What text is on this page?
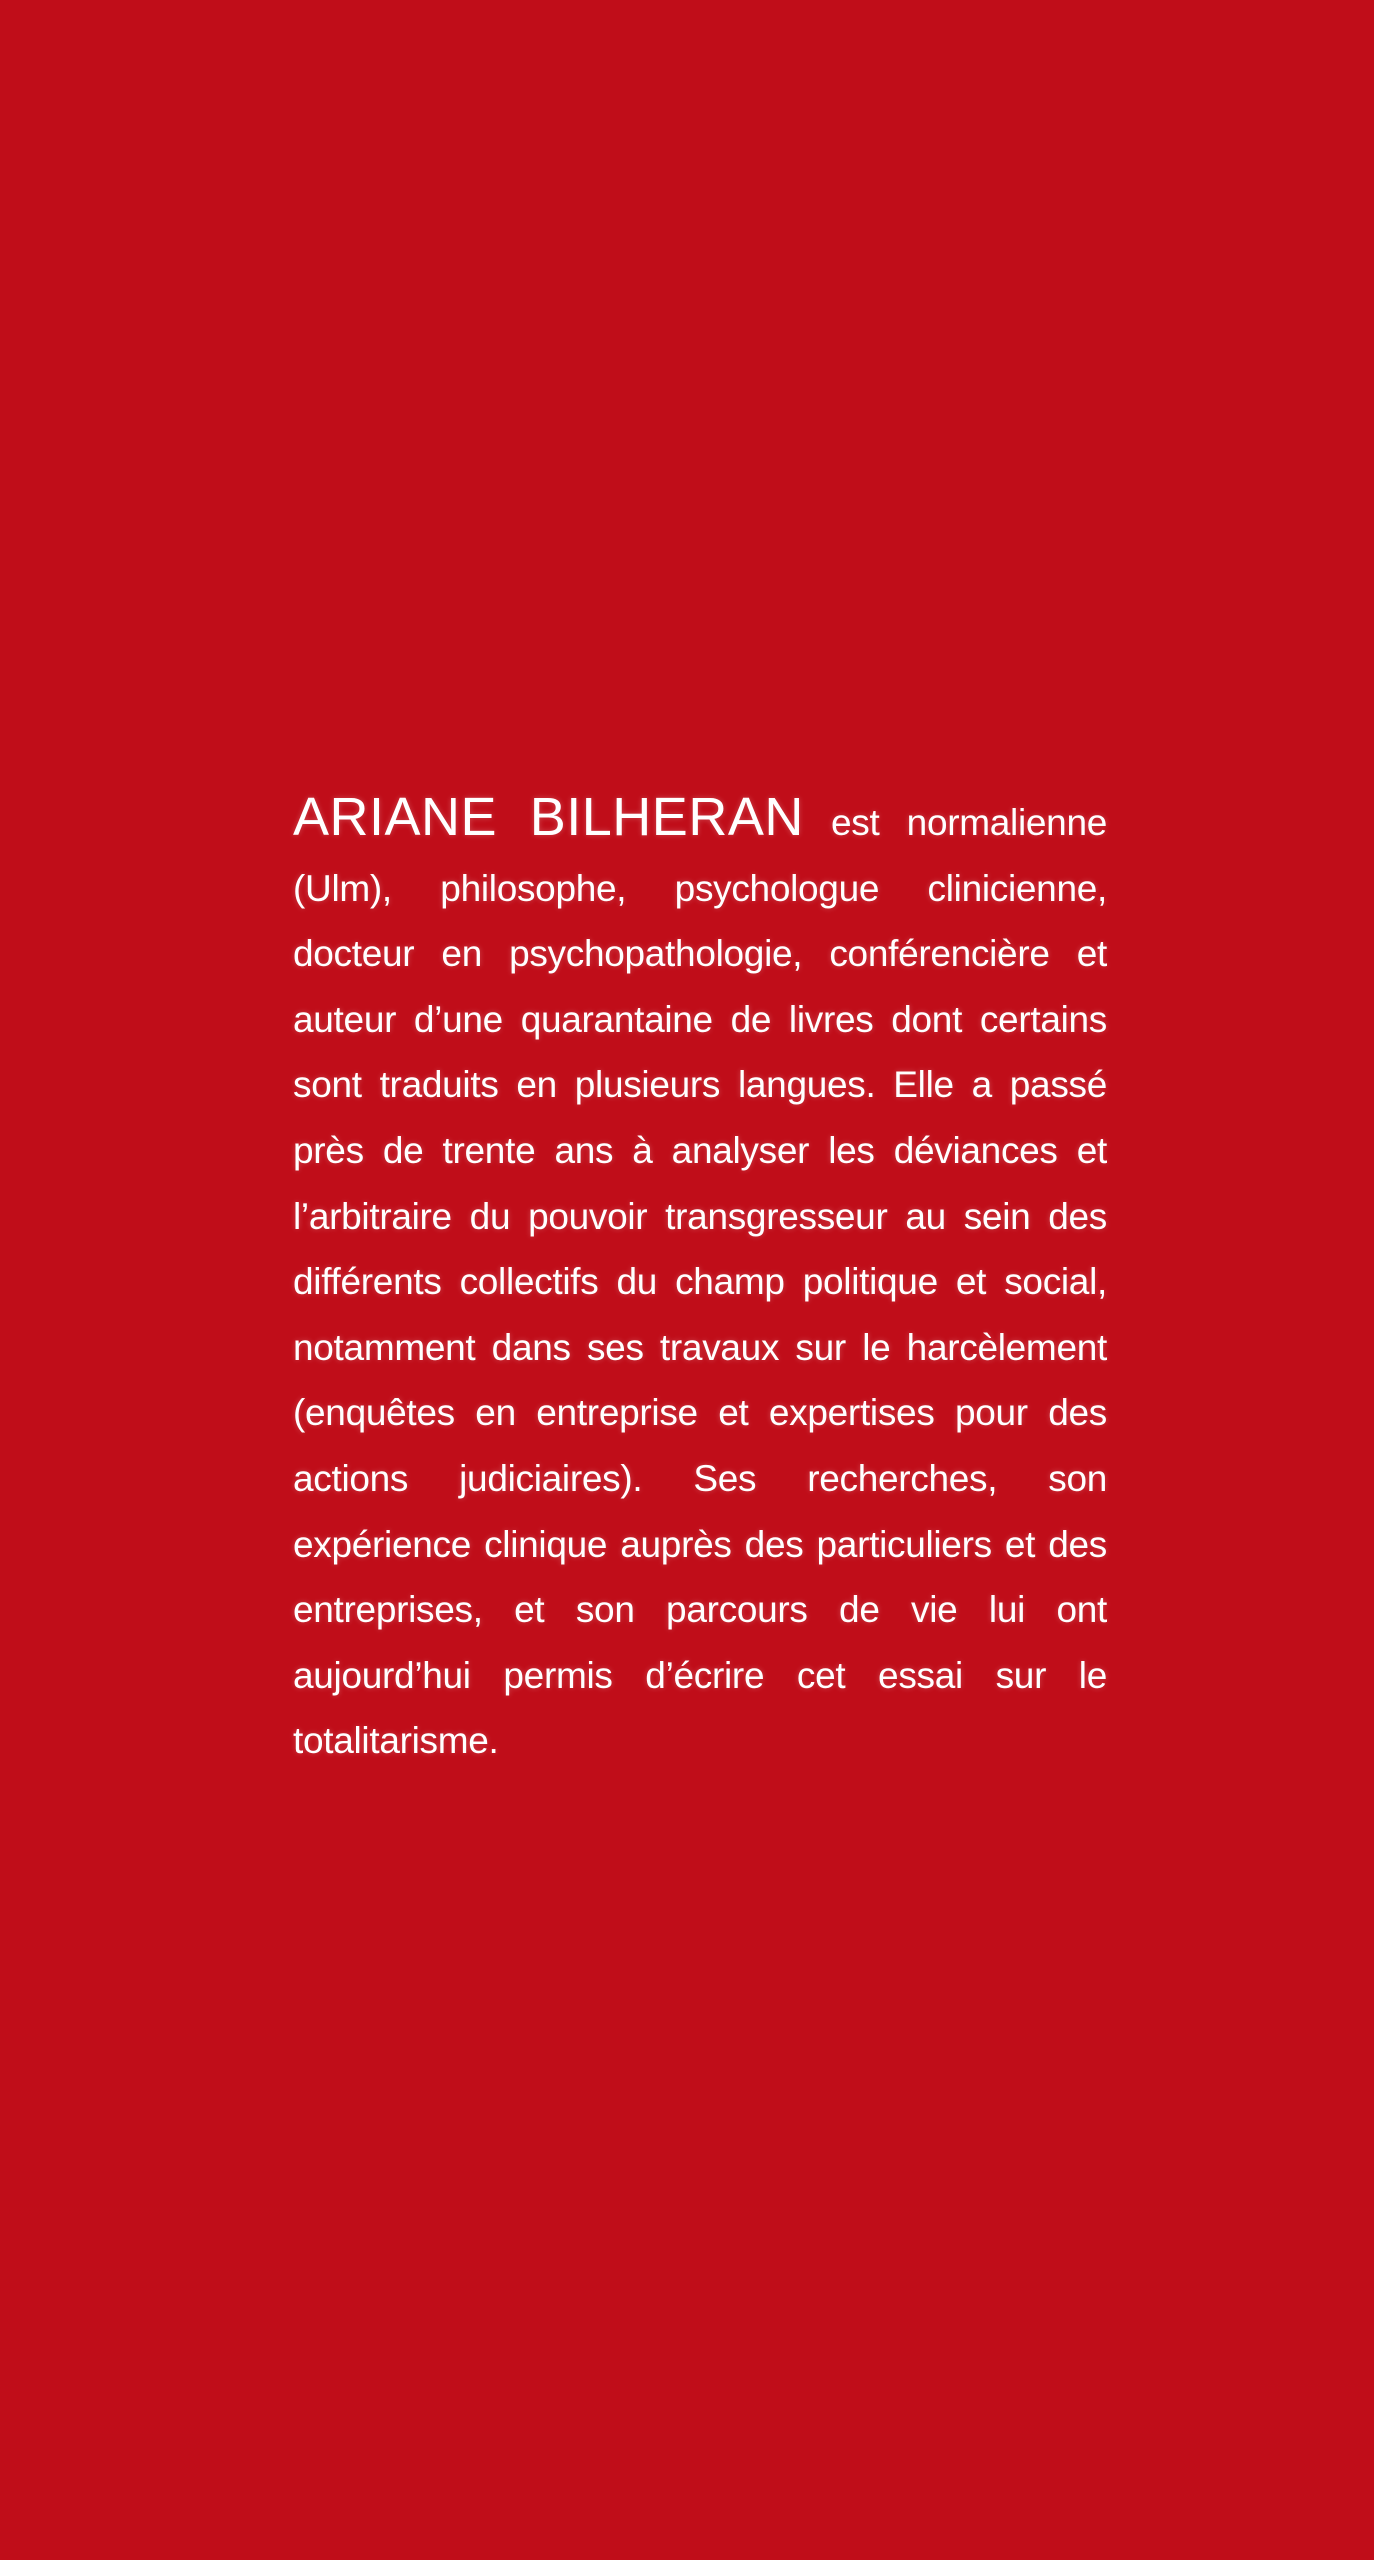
ARIANE BILHERAN est normalienne (Ulm), philosophe, psychologue clinicienne, docteur en psychopathologie, conférencière et auteur d’une quarantaine de livres dont certains sont traduits en plusieurs langues. Elle a passé près de trente ans à analyser les déviances et l’arbitraire du pouvoir transgresseur au sein des différents collectifs du champ politique et social, notamment dans ses travaux sur le harcèlement (enquêtes en entreprise et expertises pour des actions judiciaires). Ses recherches, son expérience clinique auprès des particuliers et des entreprises, et son parcours de vie lui ont aujourd’hui permis d’écrire cet essai sur le totalitarisme.
